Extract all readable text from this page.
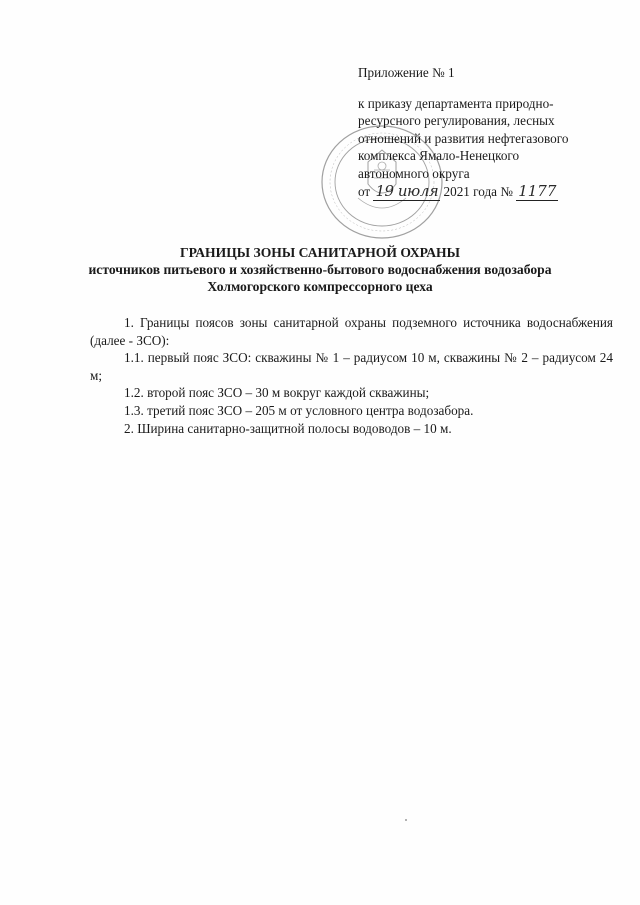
Приложение № 1
к приказу департамента природно-
ресурсного регулирования, лесных
отношений и развития нефтегазового
комплекса Ямало-Ненецкого
автономного округа
от 19 июля 2021 года № 1177
ГРАНИЦЫ ЗОНЫ САНИТАРНОЙ ОХРАНЫ
источников питьевого и хозяйственно-бытового водоснабжения водозабора
Холмогорского компрессорного цеха

1. Границы поясов зоны санитарной охраны подземного источника водоснабжения (далее - ЗСО):

1.1. первый пояс ЗСО: скважины № 1 – радиусом 10 м, скважины № 2 – радиусом 24 м;

1.2. второй пояс ЗСО – 30 м вокруг каждой скважины;

1.3. третий пояс ЗСО – 205 м от условного центра водозабора.

2. Ширина санитарно-защитной полосы водоводов – 10 м.
